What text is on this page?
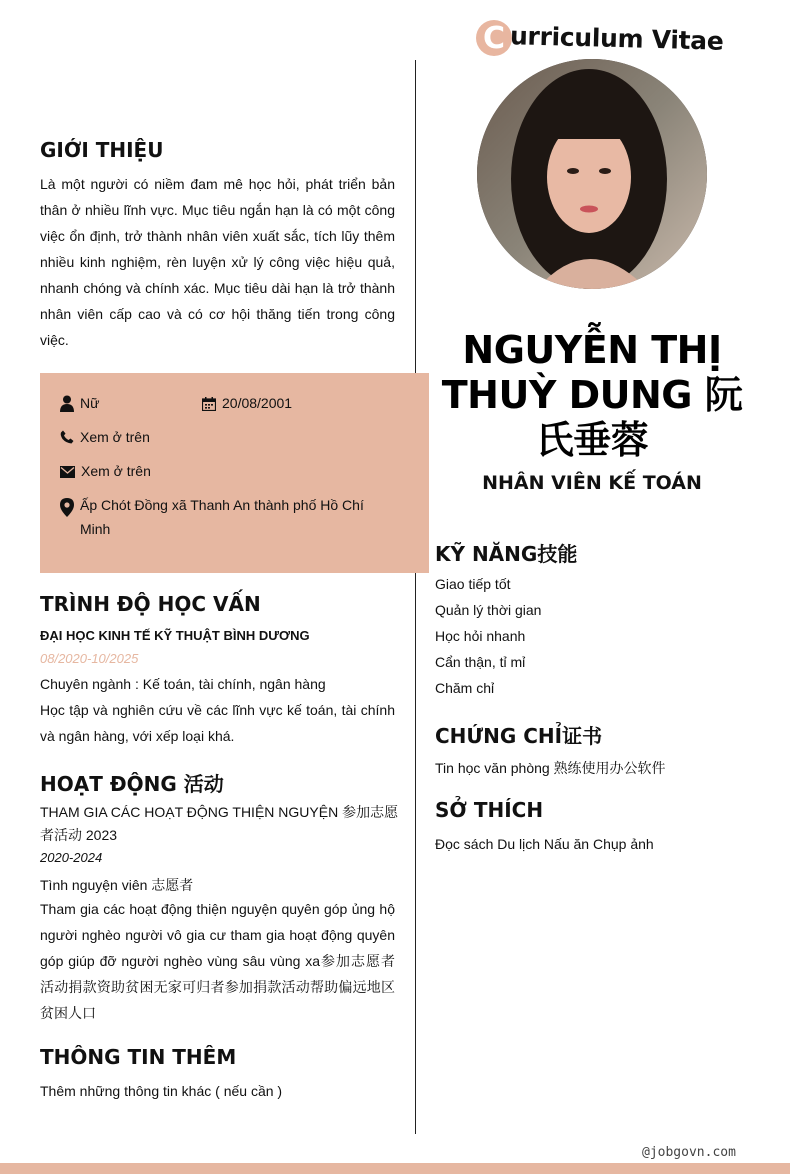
C urriculum Vitae
GIỚI THIỆU
Là một người có niềm đam mê học hỏi, phát triển bản thân ở nhiều lĩnh vực. Mục tiêu ngắn hạn là có một công việc ổn định, trở thành nhân viên xuất sắc, tích lũy thêm nhiều kinh nghiệm, rèn luyện xử lý công việc hiệu quả, nhanh chóng và chính xác. Mục tiêu dài hạn là trở thành nhân viên cấp cao và có cơ hội thăng tiến trong công việc.
Nữ	20/08/2001
Xem ở trên
Xem ở trên
Ấp Chót Đồng xã Thanh An thành phố Hồ Chí Minh
NGUYỄN THỊ THUỲ DUNG 阮氏垂蓉
NHÂN VIÊN KẾ TOÁN
TRÌNH ĐỘ HỌC VẤN
ĐẠI HỌC KINH TẾ KỸ THUẬT BÌNH DƯƠNG
08/2020-10/2025
Chuyên ngành : Kế toán, tài chính, ngân hàng
Học tập và nghiên cứu về các lĩnh vực kế toán, tài chính và ngân hàng, với xếp loại khá.
HOẠT ĐỘNG 活动
THAM GIA CÁC HOẠT ĐỘNG THIỆN NGUYỆN 参加志愿者活动 2023
2020-2024
Tình nguyện viên 志愿者
Tham gia các hoạt động thiện nguyện quyên góp ủng hộ người nghèo người vô gia cư tham gia hoạt động quyên góp giúp đỡ người nghèo vùng sâu vùng xa参加志愿者活动捐款资助贫困无家可归者参加捐款活动帮助偏远地区贫困人口
THÔNG TIN THÊM
Thêm những thông tin khác ( nếu cần )
KỸ NĂNG技能
Giao tiếp tốt
Quản lý thời gian
Học hỏi nhanh
Cẩn thận, tỉ mỉ
Chăm chỉ
CHỨNG CHỈ证书
Tin học văn phòng 熟练使用办公软件
SỞ THÍCH
Đọc sách Du lịch Nấu ăn Chụp ảnh
@jobgovn.com
